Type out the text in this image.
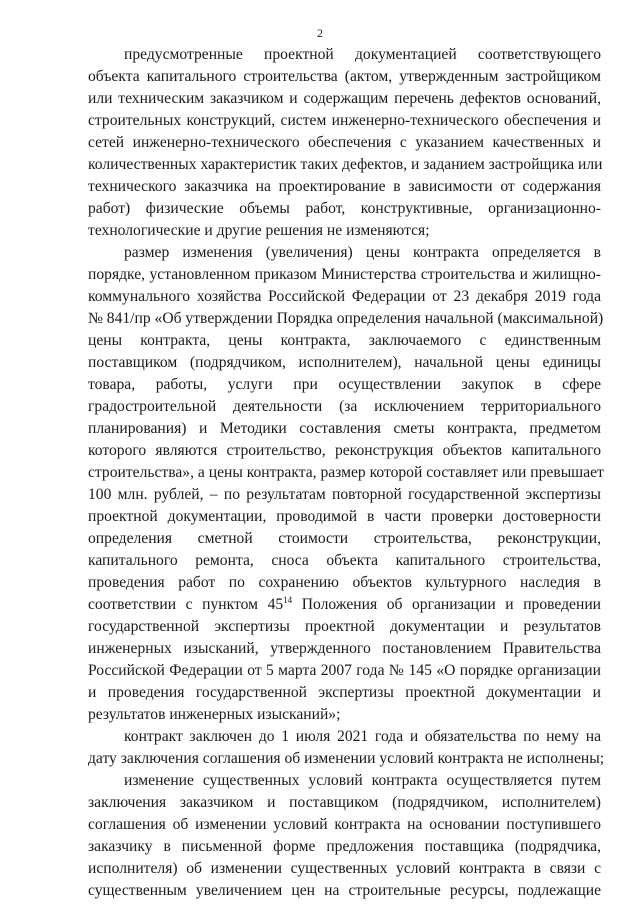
2
предусмотренные проектной документацией соответствующего
объекта капитального строительства (актом, утвержденным застройщиком
или техническим заказчиком и содержащим перечень дефектов оснований,
строительных конструкций, систем инженерно-технического обеспечения и
сетей инженерно-технического обеспечения с указанием качественных и
количественных характеристик таких дефектов, и заданием застройщика или
технического заказчика на проектирование в зависимости от содержания
работ) физические объемы работ, конструктивные, организационно-
технологические и другие решения не изменяются;
размер изменения (увеличения) цены контракта определяется в
порядке, установленном приказом Министерства строительства и жилищно-
коммунального хозяйства Российской Федерации от 23 декабря 2019 года
№ 841/пр «Об утверждении Порядка определения начальной (максимальной)
цены контракта, цены контракта, заключаемого с единственным
поставщиком (подрядчиком, исполнителем), начальной цены единицы
товара, работы, услуги при осуществлении закупок в сфере
градостроительной деятельности (за исключением территориального
планирования) и Методики составления сметы контракта, предметом
которого являются строительство, реконструкция объектов капитального
строительства», а цены контракта, размер которой составляет или превышает
100 млн. рублей, – по результатам повторной государственной экспертизы
проектной документации, проводимой в части проверки достоверности
определения сметной стоимости строительства, реконструкции,
капитального ремонта, сноса объекта капитального строительства,
проведения работ по сохранению объектов культурного наследия в
соответствии с пунктом $45^{14}$ Положения об организации и проведении
государственной экспертизы проектной документации и результатов
инженерных изысканий, утвержденного постановлением Правительства
Российской Федерации от 5 марта 2007 года № 145 «О порядке организации
и проведения государственной экспертизы проектной документации и
результатов инженерных изысканий»;
контракт заключен до 1 июля 2021 года и обязательства по нему на
дату заключения соглашения об изменении условий контракта не исполнены;
изменение существенных условий контракта осуществляется путем
заключения заказчиком и поставщиком (подрядчиком, исполнителем)
соглашения об изменении условий контракта на основании поступившего
заказчику в письменной форме предложения поставщика (подрядчика,
исполнителя) об изменении существенных условий контракта в связи с
существенным увеличением цен на строительные ресурсы, подлежащие
